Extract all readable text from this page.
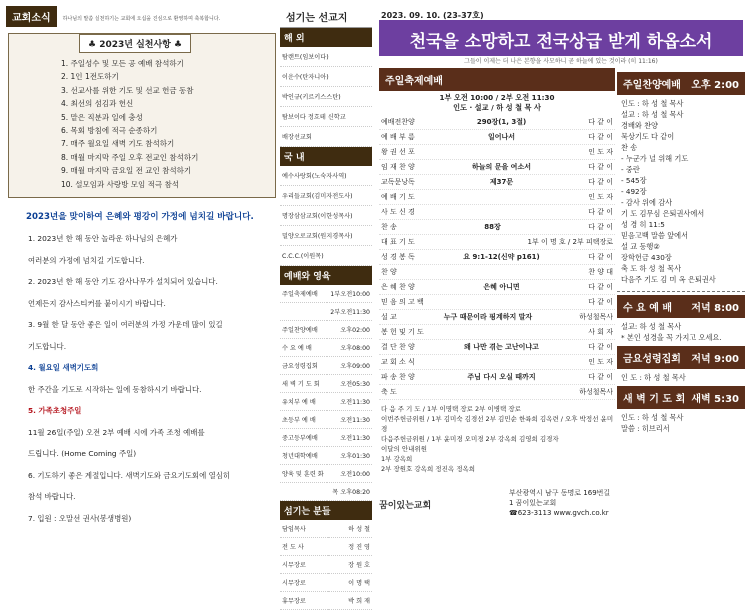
교회소식 하나님의 말씀 실천하기는 교회에 오십을 진심으로 환영하며 축복합니다.
♣ 2023년 실천사항 ♣
1. 주일성수 및 모든 공 예배 참석하기
2. 1인 1전도하기
3. 선교사를 위한 기도 및 선교 헌금 동참
4. 최선의 섬김과 헌신
5. 맡은 직분과 일에 충성
6. 목회 방침에 적극 순종하기
7. 매주 월요일 새벽 기도 참석하기
8. 매월 마지막 주일 오후 전교인 참석하기
9. 매월 마지막 금요일 전 교인 참석하기
10. 설모임과 사랑방 모임 적극 참석
2023년을 맞이하여 은혜와 평강이 가정에 넘치길 바랍니다.
1. 2023년 한 해 동안 놀라운 하나님의 은혜가
여러분의 가정에 넘치길 기도합니다.
2. 2023년 한 해 동안 기도 감사나무가 설치되어 있습니다.
언제든지 감사스티커를 붙이시기 바랍니다.
3. 9월 한 달 동안 좋은 일이 여러분의 가정 가운데 많이 있길
기도합니다.
4. 월요일 새벽기도회
한 주간을 기도로 시작하는 일에 동참하시기 바랍니다.
5. 가족초청주일
11월 26일(주일) 오전 2부 예배 시에 가족 조청 예배를
드립니다. (Home Coming 주일)
6. 기도하기 좋은 계절입니다. 새벽기도와 금요기도회에 열심히
참석 바랍니다.
7. 입원 : 오말선 권사(봉생병원)
섬기는 선교지
해 외
탐랜트(임보이다)
이운수(탄자니아)
박인규(키르키스스탄)
탐보이다 정흐테 신학교
배장선교회
국 내
예수사랑회(노숙자사역)
우리들교회(김미자전도사)
명장삼삼교회(이한성목사)
밀양오로교회(원지경목사)
C.C.C.(이원목)
예배와 영육
주일축제예배	1부오전10:00
	2부오전11:30
주일찬양예배	오후02:00
수 요 예 배	오후08:00
금요성령집회	오후09:00
새 벽 기 도 회	오전05:30
유치부 예 배	오전11:30
초등부 예 배	오전11:30
중고등부예배	오전11:30
청년대학예배	오후01:30
양육 및 훈련 화	오전10:00
	목 오후08:20
섬기는 분들
담임목사	하 성 철
전 도 사	정 진 영
시무장로	장 원 호
시무장로	이 명 택
휴무장로	박 희 재
2023. 09. 10. (23-37호)
천국을 소망하고 전국상급 받게 하옵소서
그들이 이제는 더 나은 본향을 사모하니 곧 하늘에 있는 것이라 (히 11:16)
주일축제예배
1부 오전 10:00 / 2부 오전 11:30
인도 · 설교 / 하 성 철 목 사
예배전찬양	290장(1, 3절)	다 같 이
예 배 부 름	일어나서	다 같 이
왕 권 선 포	인 도 자
임 재 찬 양	하늘의 문을 여소서	다 같 이
교독문낭독	제37문	다 같 이
예 배 기 도	인 도 자
사 도 신 경	다 같 이
찬 송	88장	다 같 이
대 표 기 도	1부 이 명 호 / 2부 피택장로
성 경 봉 독	요 9:1-12(신약 p161)	다 같 이
찬 양	찬 양 대
은 혜 찬 양	은혜 아니면	다 같 이
믿 음 의 고 백	다 같 이
설 교	누구 때문이라 핑계하지 말자	하성철목사
봉 헌 및 기 도	사 회 자
결 단 찬 양	왜 나만 겪는 고난이냐고	다 같 이
교 회 소 식	인 도 자
파 송 찬 양	주님 다시 오실 때까지	다 같 이
축 도	하성철목사
다 음 주 기 도 / 1부 이명택 장로 2부 이병택 장로
이번주헌금위원 / 1부 김미숙 김경선 2부 김민순 한륙희 김옥련 / 오후 박정선 윤미경
다음주헌금위원 / 1부 윤미경 오미경 2부 강옥희 김영희 김경자
이달의 안내위원
1부 강옥희
2부 장원호 강옥희 정진옥 정옥희
꿈이있는교회
부산광역시 남구 동명로 169번길 1 꿈이있는교회
☎623-3113 www.gvch.co.kr
주일찬양예배 오후 2:00
인도 : 하 성 철 목사
설교 : 하 성 철 목사
경배와 찬양
묵상기도 다 같이
찬 송
- 누군가 널 위해 기도
- 중란
- 545장
- 492장
- 감사 위에 감사
기 도 김무심 은퇴권사에서
성 경 히 11:5
믿음고백 말씀 앞에서
설 교 동행②
장학헌금 430장
축 도 하 성 철 목사
다음주 기도 김 미 옥 은퇴권사
수 요 예 배 저녁 8:00
설교: 하 성 철 목사
* 본인 성경을 꼭 가지고 오세요.
금요성령집회 저녁 9:00
인 도 : 하 성 철 목사
새 벽 기 도 회 새벽 5:30
인도 : 하 성 철 목사
말씀 : 히브리서
